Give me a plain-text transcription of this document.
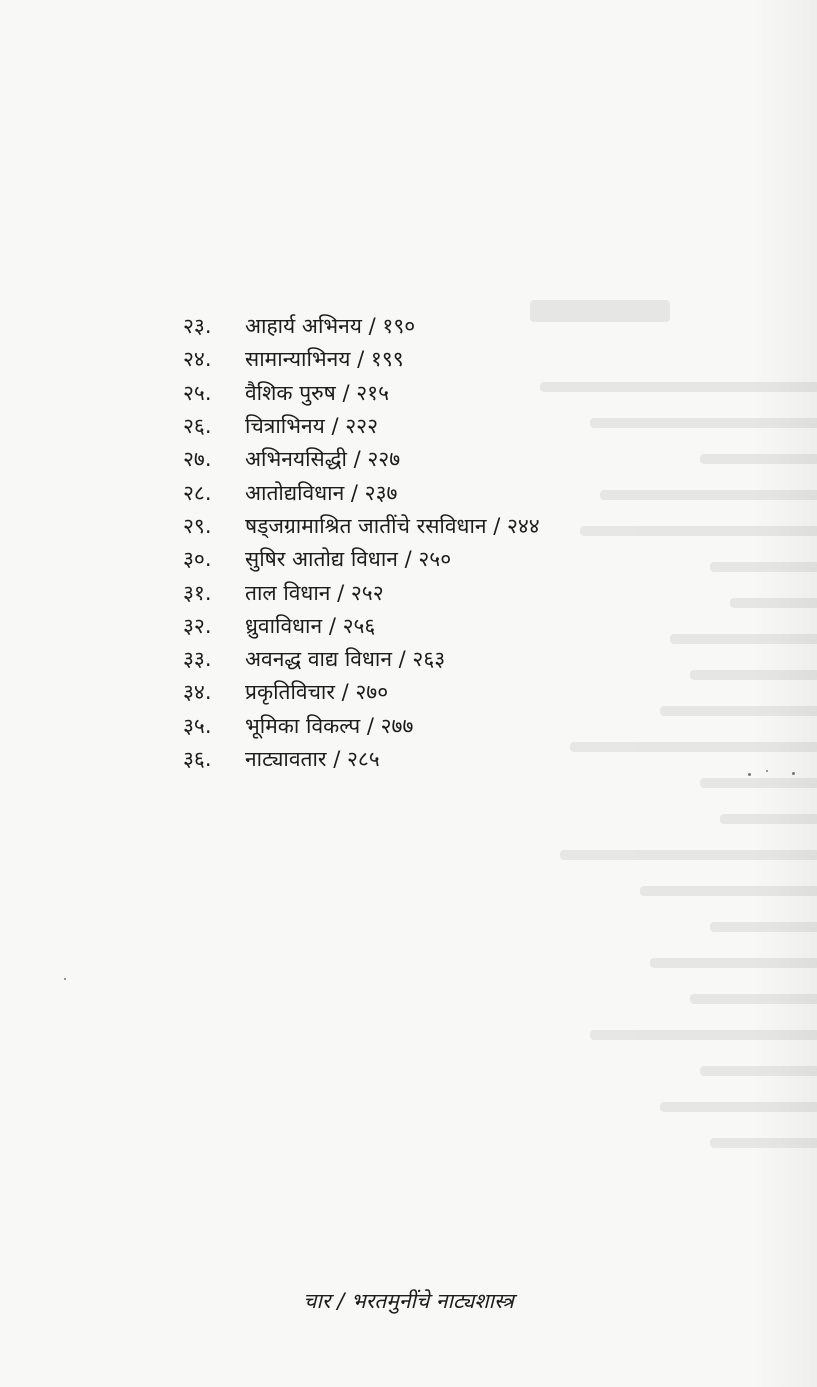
२३.	आहार्य अभिनय / १९०
२४.	सामान्याभिनय / १९९
२५.	वैशिक पुरुष / २१५
२६.	चित्राभिनय / २२२
२७.	अभिनयसिद्धी / २२७
२८.	आतोद्यविधान / २३७
२९.	षड्जग्रामाश्रित जातींचे रसविधान / २४४
३०.	सुषिर आतोद्य विधान / २५०
३१.	ताल विधान / २५२
३२.	ध्रुवाविधान / २५६
३३.	अवनद्ध वाद्य विधान / २६३
३४.	प्रकृतिविचार / २७०
३५.	भूमिका विकल्प / २७७
३६.	नाट्यावतार / २८५
चार / भरतमुनींचे नाट्यशास्त्र
